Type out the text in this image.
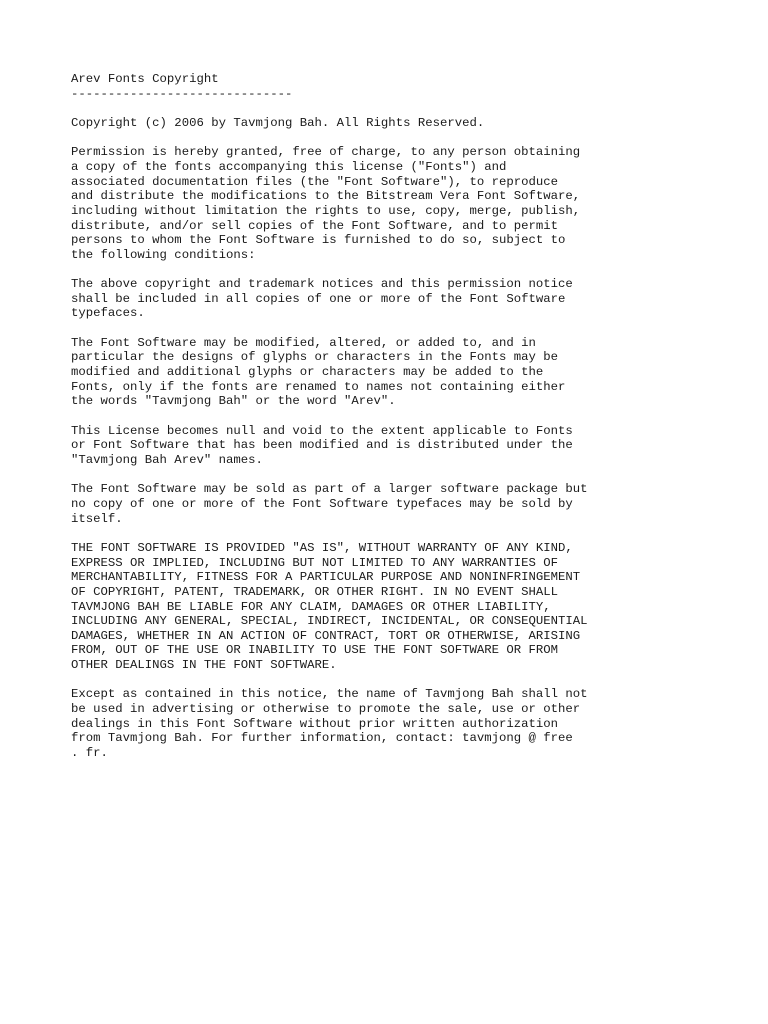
Arev Fonts Copyright
------------------------------
Copyright (c) 2006 by Tavmjong Bah. All Rights Reserved.
Permission is hereby granted, free of charge, to any person obtaining
a copy of the fonts accompanying this license ("Fonts") and
associated documentation files (the "Font Software"), to reproduce
and distribute the modifications to the Bitstream Vera Font Software,
including without limitation the rights to use, copy, merge, publish,
distribute, and/or sell copies of the Font Software, and to permit
persons to whom the Font Software is furnished to do so, subject to
the following conditions:
The above copyright and trademark notices and this permission notice
shall be included in all copies of one or more of the Font Software
typefaces.
The Font Software may be modified, altered, or added to, and in
particular the designs of glyphs or characters in the Fonts may be
modified and additional glyphs or characters may be added to the
Fonts, only if the fonts are renamed to names not containing either
the words "Tavmjong Bah" or the word "Arev".
This License becomes null and void to the extent applicable to Fonts
or Font Software that has been modified and is distributed under the
"Tavmjong Bah Arev" names.
The Font Software may be sold as part of a larger software package but
no copy of one or more of the Font Software typefaces may be sold by
itself.
THE FONT SOFTWARE IS PROVIDED "AS IS", WITHOUT WARRANTY OF ANY KIND,
EXPRESS OR IMPLIED, INCLUDING BUT NOT LIMITED TO ANY WARRANTIES OF
MERCHANTABILITY, FITNESS FOR A PARTICULAR PURPOSE AND NONINFRINGEMENT
OF COPYRIGHT, PATENT, TRADEMARK, OR OTHER RIGHT. IN NO EVENT SHALL
TAVMJONG BAH BE LIABLE FOR ANY CLAIM, DAMAGES OR OTHER LIABILITY,
INCLUDING ANY GENERAL, SPECIAL, INDIRECT, INCIDENTAL, OR CONSEQUENTIAL
DAMAGES, WHETHER IN AN ACTION OF CONTRACT, TORT OR OTHERWISE, ARISING
FROM, OUT OF THE USE OR INABILITY TO USE THE FONT SOFTWARE OR FROM
OTHER DEALINGS IN THE FONT SOFTWARE.
Except as contained in this notice, the name of Tavmjong Bah shall not
be used in advertising or otherwise to promote the sale, use or other
dealings in this Font Software without prior written authorization
from Tavmjong Bah. For further information, contact: tavmjong @ free
. fr.
